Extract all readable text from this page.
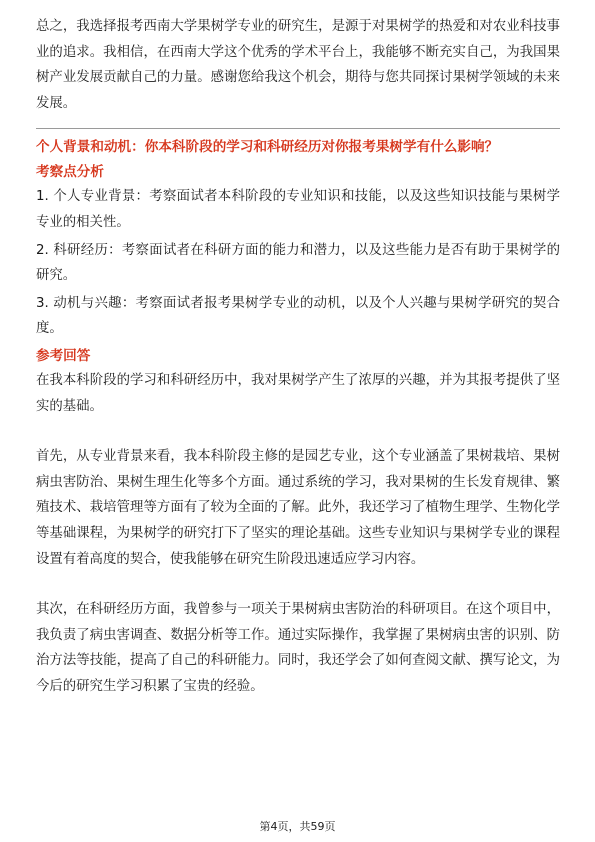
总之，我选择报考西南大学果树学专业的研究生，是源于对果树学的热爱和对农业科技事业的追求。我相信，在西南大学这个优秀的学术平台上，我能够不断充实自己，为我国果树产业发展贡献自己的力量。感谢您给我这个机会，期待与您共同探讨果树学领域的未来发展。

个人背景和动机：你本科阶段的学习和科研经历对你报考果树学有什么影响？

考察点分析

1. 个人专业背景：考察面试者本科阶段的专业知识和技能，以及这些知识技能与果树学专业的相关性。

2. 科研经历：考察面试者在科研方面的能力和潜力，以及这些能力是否有助于果树学的研究。

3. 动机与兴趣：考察面试者报考果树学专业的动机，以及个人兴趣与果树学研究的契合度。

参考回答

在我本科阶段的学习和科研经历中，我对果树学产生了浓厚的兴趣，并为其报考提供了坚实的基础。

首先，从专业背景来看，我本科阶段主修的是园艺专业，这个专业涵盖了果树栽培、果树病虫害防治、果树生理生化等多个方面。通过系统的学习，我对果树的生长发育规律、繁殖技术、栽培管理等方面有了较为全面的了解。此外，我还学习了植物生理学、生物化学等基础课程，为果树学的研究打下了坚实的理论基础。这些专业知识与果树学专业的课程设置有着高度的契合，使我能够在研究生阶段迅速适应学习内容。

其次，在科研经历方面，我曾参与一项关于果树病虫害防治的科研项目。在这个项目中，我负责了病虫害调查、数据分析等工作。通过实际操作，我掌握了果树病虫害的识别、防治方法等技能，提高了自己的科研能力。同时，我还学会了如何查阅文献、撰写论文，为今后的研究生学习积累了宝贵的经验。

第4页，共59页
